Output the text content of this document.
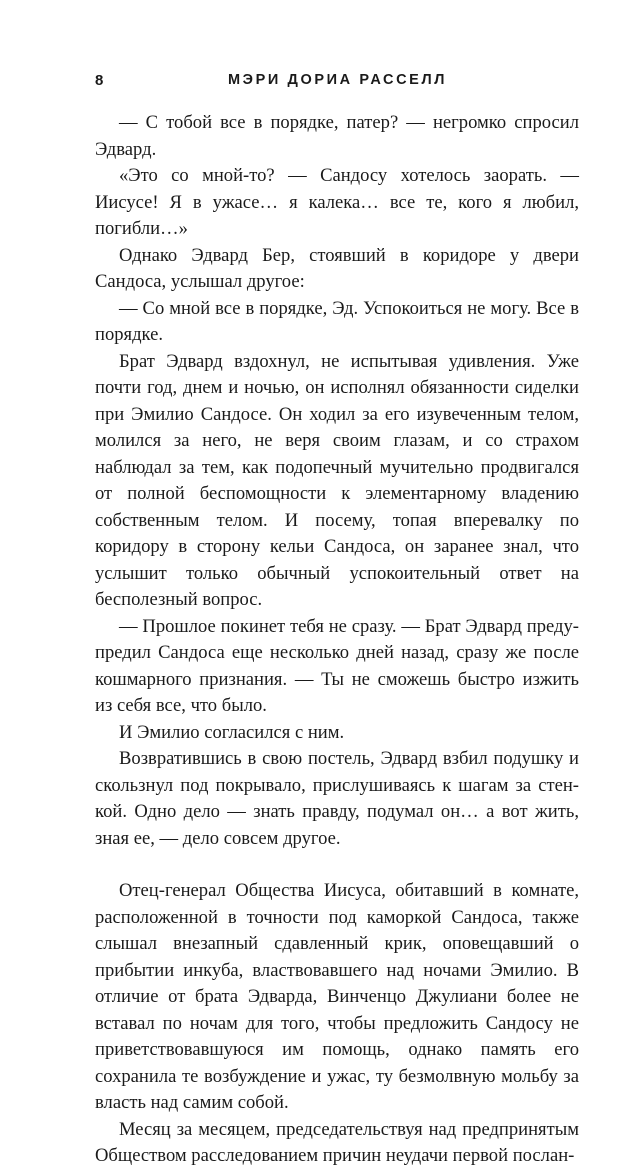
8	МЭРИ ДОРИА РАССЕЛЛ

— С тобой все в порядке, патер? — негромко спросил Эдвард.

«Это со мной-то? — Сандосу хотелось заорать. — Иисусе! Я в ужасе… я калека… все те, кого я любил, погибли…»

Однако Эдвард Бер, стоявший в коридоре у двери Сандоса, услышал другое:

— Со мной все в порядке, Эд. Успокоиться не могу. Все в порядке.

Брат Эдвард вздохнул, не испытывая удивления. Уже почти год, днем и ночью, он исполнял обязанности сиделки при Эмилио Сандосе. Он ходил за его изувеченным телом, молился за него, не веря своим глазам, и со страхом наблюдал за тем, как подопечный мучительно продвигался от полной беспомощности к элементарному владению собственным телом. И посему, топая вперевалку по коридору в сторону кельи Сандоса, он заранее знал, что услышит только обычный успокоительный ответ на бесполезный вопрос.

— Прошлое покинет тебя не сразу. — Брат Эдвард предупредил Сандоса еще несколько дней назад, сразу же после кошмарного признания. — Ты не сможешь быстро изжить из себя все, что было.

И Эмилио согласился с ним.

Возвратившись в свою постель, Эдвард взбил подушку и скользнул под покрывало, прислушиваясь к шагам за стенкой. Одно дело — знать правду, подумал он… а вот жить, зная ее, — дело совсем другое.

Отец-генерал Общества Иисуса, обитавший в комнате, расположенной в точности под каморкой Сандоса, также слышал внезапный сдавленный крик, оповещавший о прибытии инкуба, властвовавшего над ночами Эмилио. В отличие от брата Эдварда, Винченцо Джулиани более не вставал по ночам для того, чтобы предложить Сандосу не приветствовавшуюся им помощь, однако память его сохранила те возбуждение и ужас, ту безмолвную мольбу за власть над самим собой.

Месяц за месяцем, председательствуя над предпринятым Обществом расследованием причин неудачи первой послан-
